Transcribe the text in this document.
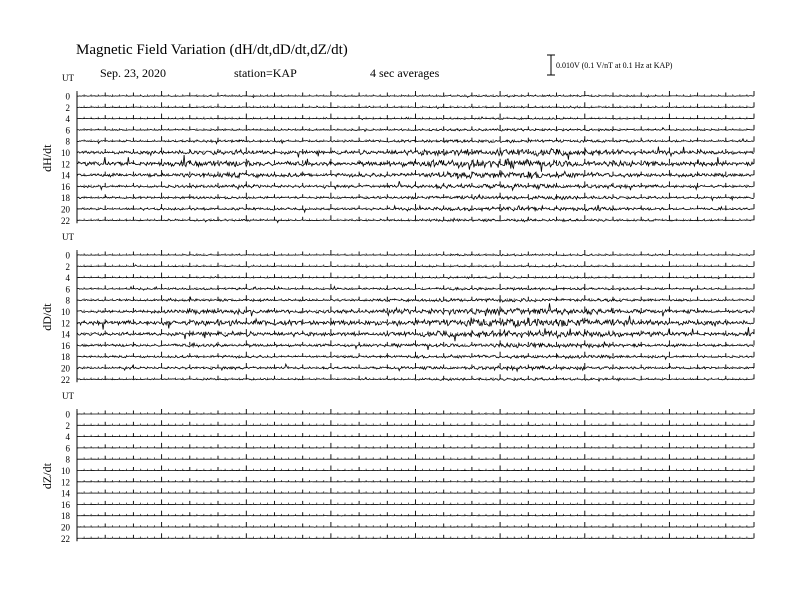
Magnetic Field Variation (dH/dt,dD/dt,dZ/dt)
Sep. 23, 2020	station=KAP	4 sec averages
0.010V (0.1 V/nT at 0.1 Hz at KAP)
UT
dH/dt
0
2
4
6
8
10
12
14
16
18
20
22
UT
dD/dt
0
2
4
6
8
10
12
14
16
18
20
22
UT
dZ/dt
0
2
4
6
8
10
12
14
16
18
20
22
